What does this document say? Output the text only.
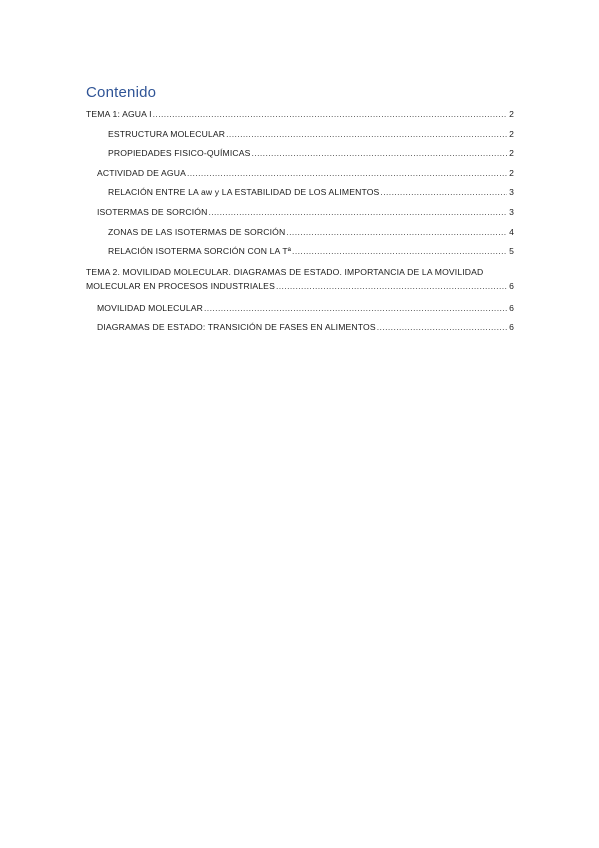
Contenido
TEMA 1: AGUA I .....	2
ESTRUCTURA MOLECULAR .....	2
PROPIEDADES FISICO-QUÍMICAS .....	2
ACTIVIDAD DE AGUA .....	2
RELACIÓN ENTRE LA aw y LA ESTABILIDAD DE LOS ALIMENTOS .....	3
ISOTERMAS DE SORCIÓN .....	3
ZONAS DE LAS ISOTERMAS DE SORCIÓN .....	4
RELACIÓN ISOTERMA SORCIÓN CON LA Tª .....	5
TEMA 2. MOVILIDAD MOLECULAR. DIAGRAMAS DE ESTADO. IMPORTANCIA DE LA MOVILIDAD
MOLECULAR EN PROCESOS INDUSTRIALES .....	6
MOVILIDAD MOLECULAR .....	6
DIAGRAMAS DE ESTADO: TRANSICIÓN DE FASES EN ALIMENTOS .....	6
